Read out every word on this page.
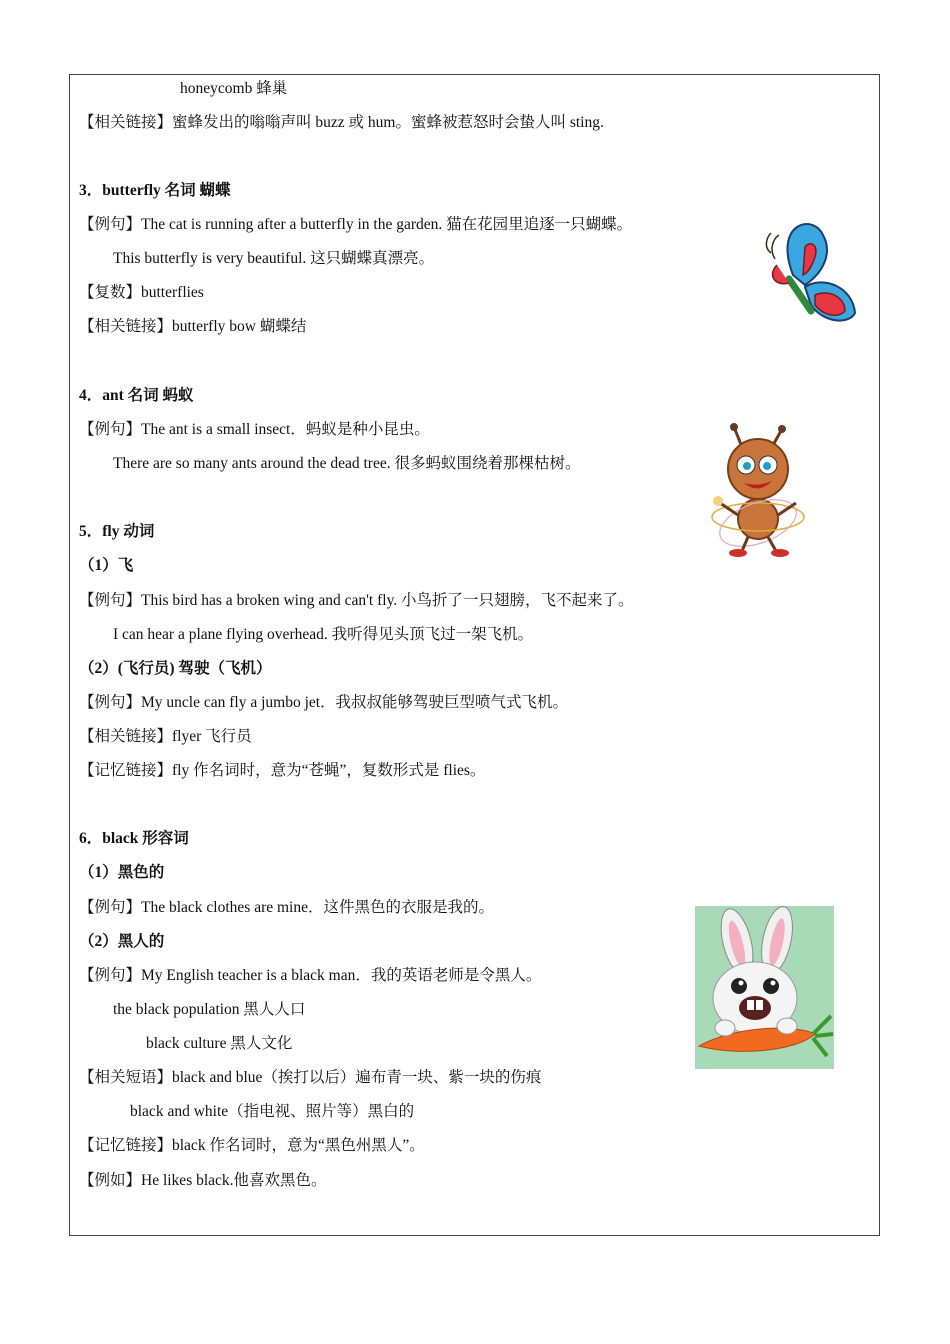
honeycomb 蜂巢
【相关链接】蜜蜂发出的嗡嗡声叫 buzz 或 hum。蜜蜂被惹怒时会蛰人叫 sting.
3．butterfly 名词 蝴蝶
【例句】The cat is running after a butterfly in the garden. 猫在花园里追逐一只蝴蝶。
This butterfly is very beautiful. 这只蝴蝶真漂亮。
【复数】butterflies
【相关链接】butterfly bow 蝴蝶结
4．ant 名词 蚂蚁
【例句】The ant is a small insect．蚂蚁是种小昆虫。
There are so many ants around the dead tree. 很多蚂蚁围绕着那棵枯树。
5．fly 动词
（1）飞
【例句】This bird has a broken wing and can't fly. 小鸟折了一只翅膀，飞不起来了。
I can hear a plane flying overhead. 我听得见头顶飞过一架飞机。
（2）(飞行员) 驾驶（飞机）
【例句】My uncle can fly a jumbo jet．我叔叔能够驾驶巨型喷气式飞机。
【相关链接】flyer 飞行员
【记忆链接】fly 作名词时，意为“苍蝇”，复数形式是 flies。
6．black 形容词
（1）黑色的
【例句】The black clothes are mine．这件黑色的衣服是我的。
（2）黑人的
【例句】My English teacher is a black man．我的英语老师是令黑人。
the black population 黑人人口
black culture 黑人文化
【相关短语】black and blue（挨打以后）遍布青一块、紫一块的伤痕
black and white（指电视、照片等）黑白的
【记忆链接】black 作名词时，意为“黑色州黑人”。
【例如】He likes black.他喜欢黑色。
